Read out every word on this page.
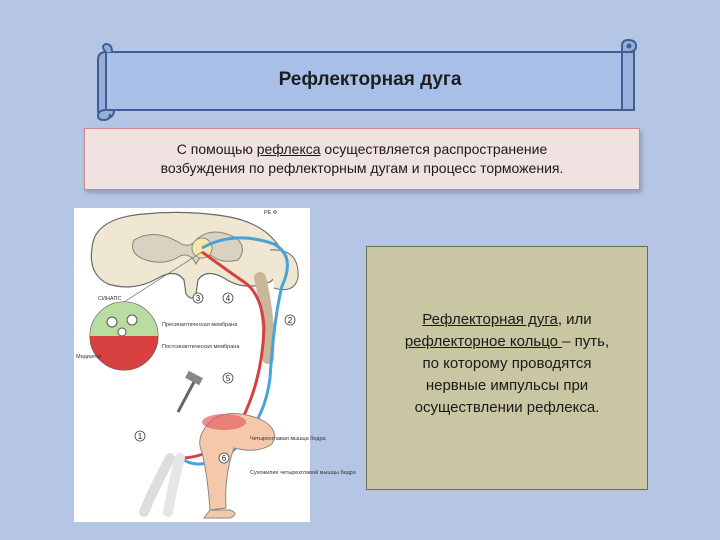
Рефлекторная дуга
С помощью рефлекса осуществляется распространение
возбуждения по рефлекторным дугам и процесс торможения.
3	4
2
5
1
6
РЕ Ф
СИНАПС
Пресинаптическая мембрана
Постсинаптическая мембрана
Медиатор
Четырехглавая мышца бедра
Сухожилие четырехглавой мышцы бедра
Рефлекторная дуга, или
рефлекторное кольцо – путь,
по которому проводятся
нервные импульсы при
осуществлении рефлекса.
